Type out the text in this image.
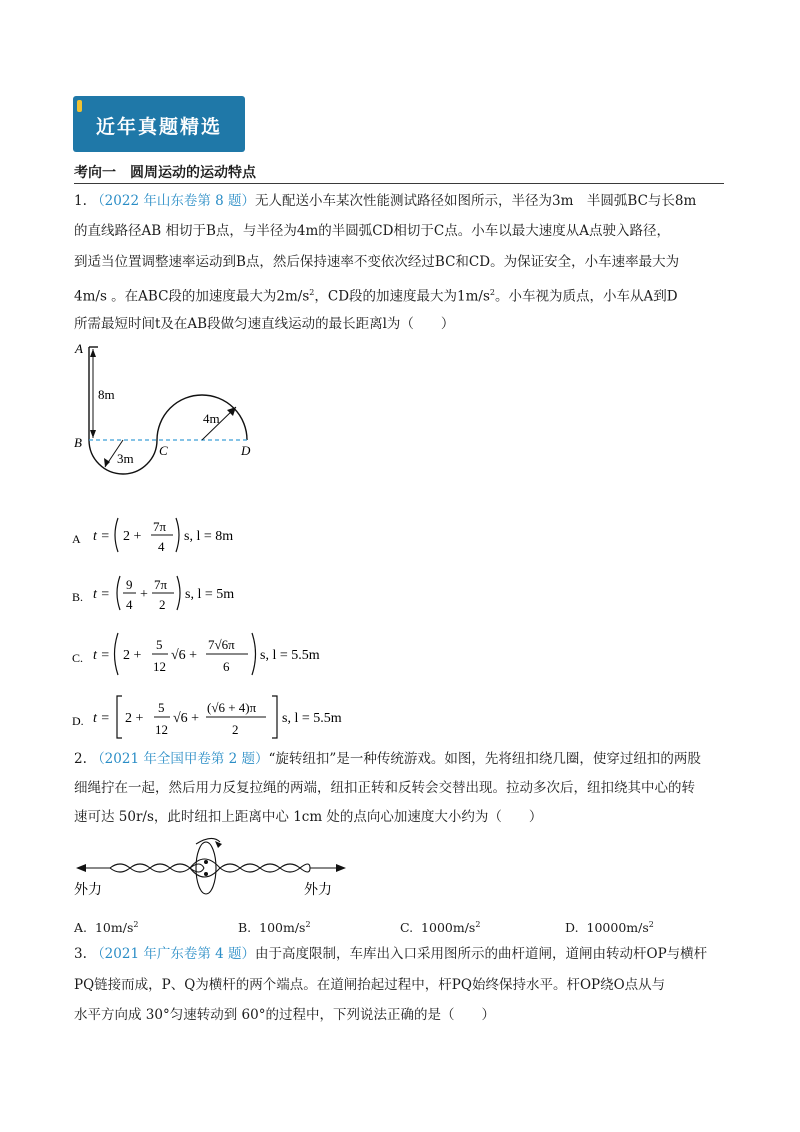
近年真题精选
考向一　圆周运动的运动特点
1. （2022 年山东卷第 8 题）无人配送小车某次性能测试路径如图所示，半径为3m　半圆弧BC与长8m
的直线路径AB 相切于B点，与半径为4m的半圆弧CD相切于C点。小车以最大速度从A点驶入路径，
到适当位置调整速率运动到B点，然后保持速率不变依次经过BC和CD。为保证安全，小车速率最大为
4m/s 。在ABC段的加速度最大为$2m/s^2$，CD段的加速度最大为$1m/s^2$。小车视为质点，小车从A到D
所需最短时间t及在AB段做匀速直线运动的最长距离l为（　　）
A
B
C	D
8m
3m
4m
A t = 2 +
7π
4
s, l = 8m
B. t =
9
4
+
7π
2
s, l = 5m
C. t = 2 +
5
12
√6 +
7√6π
6
s, l = 5.5m
D. t = 2 +
5
12
√6 +
(√6 + 4)π
2
s, l = 5.5m
2. （2021 年全国甲卷第 2 题）“旋转纽扣”是一种传统游戏。如图，先将纽扣绕几圈，使穿过纽扣的两股
细绳拧在一起，然后用力反复拉绳的两端，纽扣正转和反转会交替出现。拉动多次后，纽扣绕其中心的转
速可达 50r/s，此时纽扣上距离中心 1cm 处的点向心加速度大小约为（　　）
外力	外力
A. $10m/s^2$	B. $100m/s^2$	C. $1000m/s^2$	D. $10000m/s^2$
3. （2021 年广东卷第 4 题）由于高度限制，车库出入口采用图所示的曲杆道闸，道闸由转动杆OP与横杆
PQ链接而成，P、Q为横杆的两个端点。在道闸抬起过程中，杆PQ始终保持水平。杆OP绕O点从与
水平方向成 30°匀速转动到 60°的过程中，下列说法正确的是（　　）
